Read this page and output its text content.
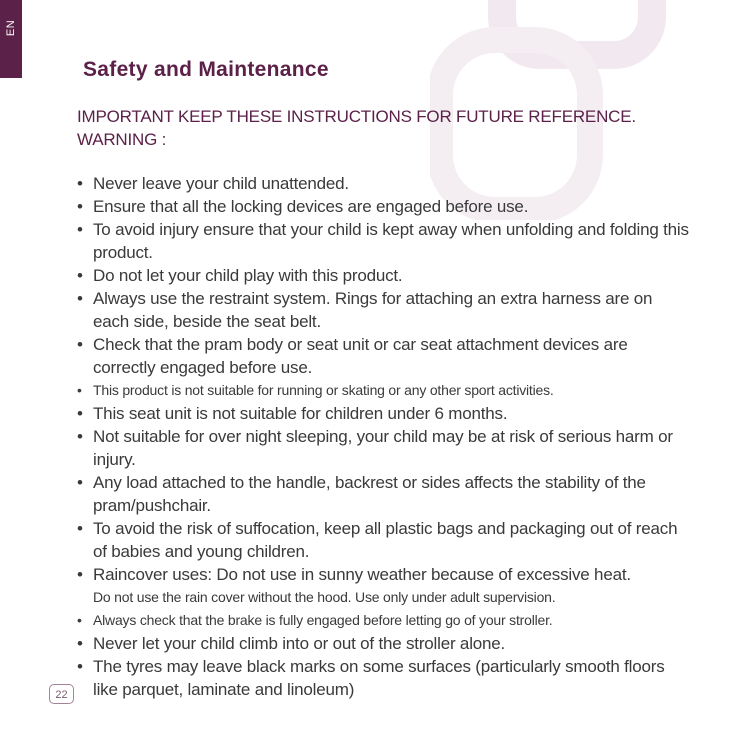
EN
Safety and Maintenance
IMPORTANT KEEP THESE INSTRUCTIONS FOR FUTURE REFERENCE.
WARNING :
• Never leave your child unattended.
• Ensure that all the locking devices are engaged before use.
• To avoid injury ensure that your child is kept away when unfolding and folding this product.
• Do not let your child play with this product.
• Always use the restraint system. Rings for attaching an extra harness are on each side, beside the seat belt.
• Check that the pram body or seat unit or car seat attachment devices are correctly engaged before use.
• This product is not suitable for running or skating or any other sport activities.
• This seat unit is not suitable for children under 6 months.
• Not suitable for over night sleeping, your child may be at risk of serious harm or injury.
• Any load attached to the handle, backrest or sides affects the stability of the pram/pushchair.
• To avoid the risk of suffocation, keep all plastic bags and packaging out of reach of babies and young children.
• Raincover uses: Do not use in sunny weather because of excessive heat.
Do not use the rain cover without the hood. Use only under adult supervision.
• Always check that the brake is fully engaged before letting go of your stroller.
• Never let your child climb into or out of the stroller alone.
• The tyres may leave black marks on some surfaces (particularly smooth floors like parquet, laminate and linoleum)
22
